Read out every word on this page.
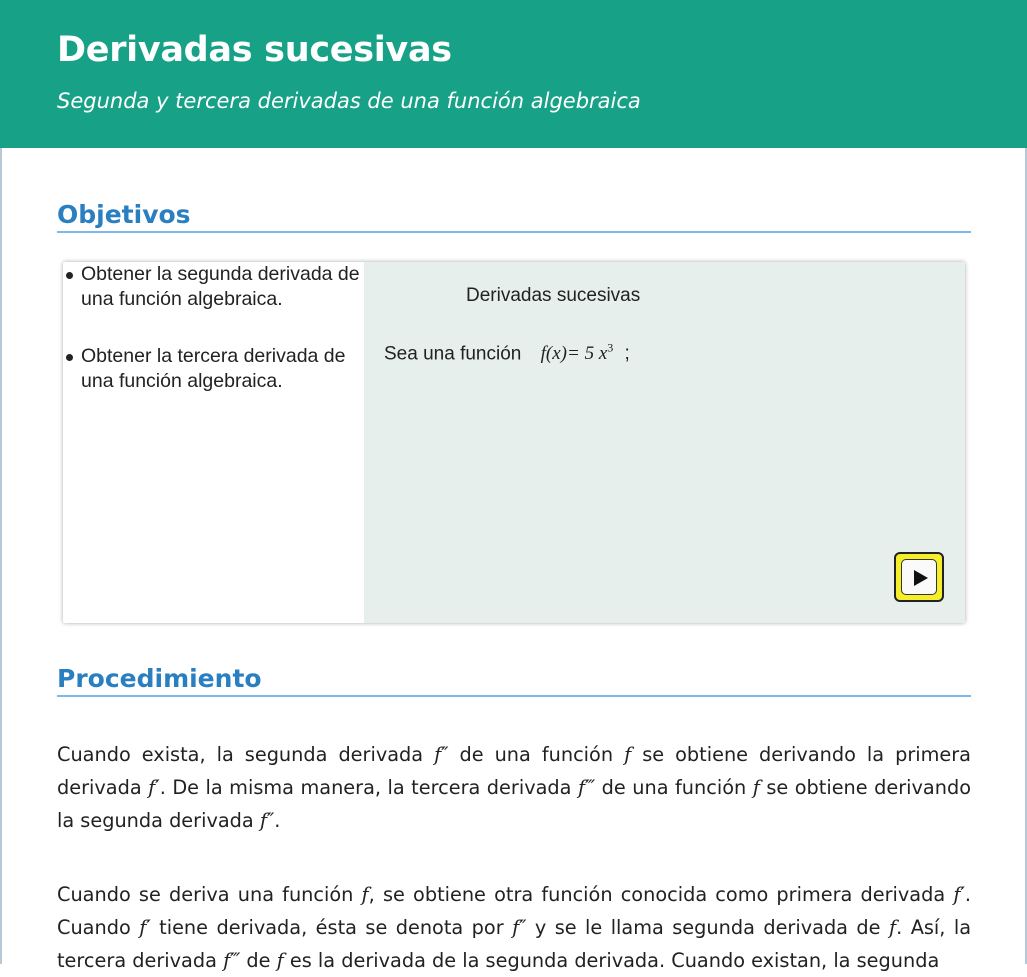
Derivadas sucesivas
Segunda y tercera derivadas de una función algebraica
Objetivos
Obtener la segunda derivada de una función algebraica.
Obtener la tercera derivada de una función algebraica.
Derivadas sucesivas
Sea una función f(x)= 5 $x^3$ ;
Procedimiento

Cuando exista, la segunda derivada f″ de una función f se obtiene derivando la primera derivada f′. De la misma manera, la tercera derivada f‴ de una función f se obtiene derivando la segunda derivada f″.

Cuando se deriva una función f, se obtiene otra función conocida como primera derivada f′. Cuando f′ tiene derivada, ésta se denota por f″ y se le llama segunda derivada de f. Así, la tercera derivada f‴ de f es la derivada de la segunda derivada. Cuando existan, la segunda
